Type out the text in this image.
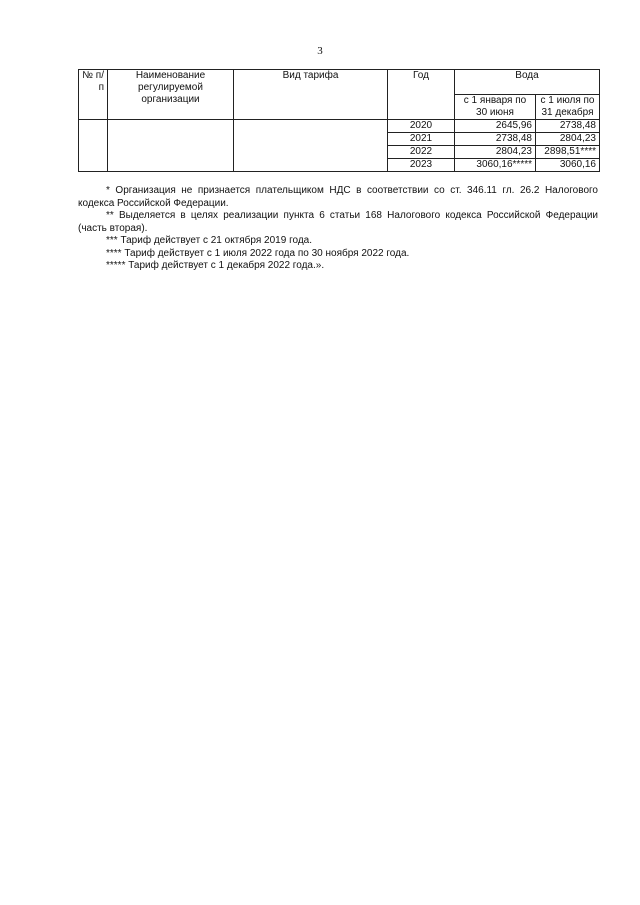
3
№ п/п	Наименование регулируемой организации	Вид тарифа	Год	Вода	
				с 1 января по 30 июня	с 1 июля по 31 декабря
			2020	2645,96	2738,48
			2021	2738,48	2804,23
			2022	2804,23	2898,51****
			2023	3060,16*****	3060,16

* Организация не признается плательщиком НДС в соответствии со ст. 346.11 гл. 26.2 Налогового кодекса Российской Федерации.

** Выделяется в целях реализации пункта 6 статьи 168 Налогового кодекса Российской Федерации (часть вторая).

*** Тариф действует с 21 октября 2019 года.

**** Тариф действует с 1 июля 2022 года по 30 ноября 2022 года.

***** Тариф действует с 1 декабря 2022 года.».
